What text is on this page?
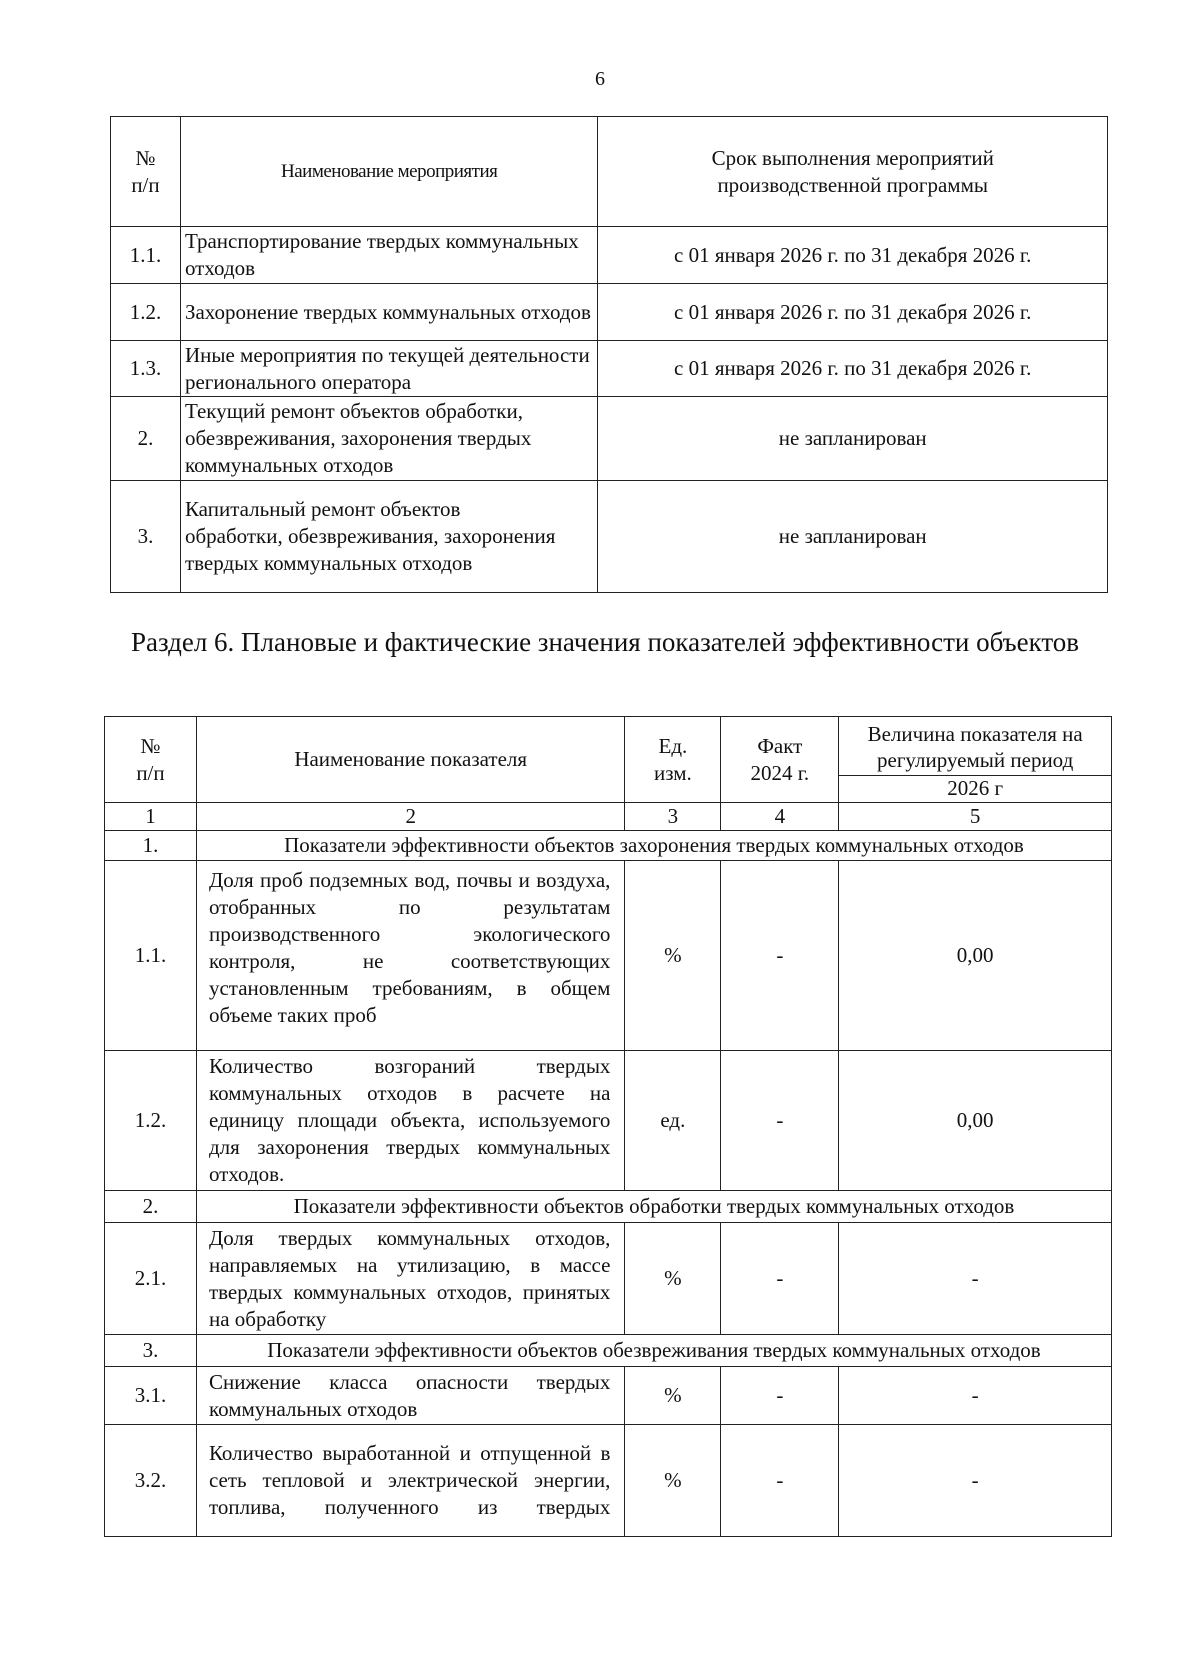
6
№ п/п	Наименование мероприятия	Срок выполнения мероприятий производственной программы
1.1.	Транспортирование твердых коммунальных отходов	с 01 января 2026 г. по 31 декабря 2026 г.
1.2.	Захоронение твердых коммунальных отходов	с 01 января 2026 г. по 31 декабря 2026 г.
1.3.	Иные мероприятия по текущей деятельности регионального оператора	с 01 января 2026 г. по 31 декабря 2026 г.
2.	Текущий ремонт объектов обработки, обезвреживания, захоронения твердых коммунальных отходов	не запланирован
3.	Капитальный ремонт объектов обработки, обезвреживания, захоронения твердых коммунальных отходов	не запланирован
Раздел 6. Плановые и фактические значения показателей эффективности объектов
№ п/п	Наименование показателя	Ед. изм.	Факт 2024 г.	Величина показателя на регулируемый период
2026 г

1	2	3	4	5
1.	Показатели эффективности объектов захоронения твердых коммунальных отходов			
1.1.	Доля проб подземных вод, почвы и воздуха, отобранных по результатам производственного экологического контроля, не соответствующих установленным требованиям, в общем объеме таких проб	%	-	0,00
1.2.	Количество возгораний твердых коммунальных отходов в расчете на единицу площади объекта, используемого для захоронения твердых коммунальных отходов.	ед.	-	0,00
2.	Показатели эффективности объектов обработки твердых коммунальных отходов			
2.1.	Доля твердых коммунальных отходов, направляемых на утилизацию, в массе твердых коммунальных отходов, принятых на обработку	%	-	-
3.	Показатели эффективности объектов обезвреживания твердых коммунальных отходов			
3.1.	Снижение класса опасности твердых коммунальных отходов	%	-	-
3.2.	Количество выработанной и отпущенной в сеть тепловой и электрической энергии, топлива, полученного из твердых	%	-	-
